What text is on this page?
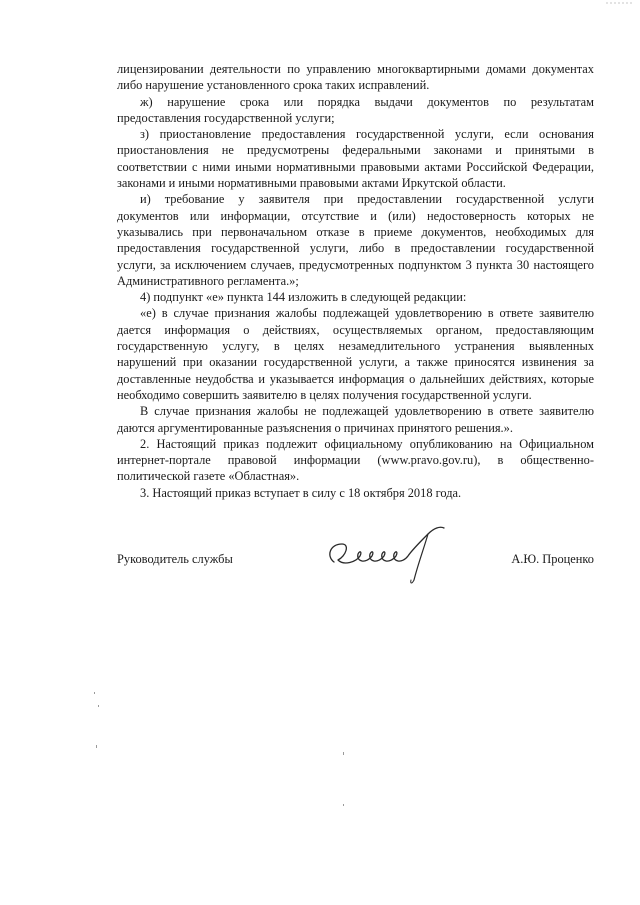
лицензировании деятельности по управлению многоквартирными домами документах
либо нарушение установленного срока таких исправлений.
ж) нарушение срока или порядка выдачи документов по результатам
предоставления государственной услуги;
з) приостановление предоставления государственной услуги, если основания
приостановления не предусмотрены федеральными законами и принятыми в
соответствии с ними иными нормативными правовыми актами Российской Федерации,
законами и иными нормативными правовыми актами Иркутской области.
и) требование у заявителя при предоставлении государственной услуги
документов или информации, отсутствие и (или) недостоверность которых не
указывались при первоначальном отказе в приеме документов, необходимых для
предоставления государственной услуги, либо в предоставлении государственной
услуги, за исключением случаев, предусмотренных подпунктом 3 пункта 30 настоящего
Административного регламента.»;
4) подпункт «е» пункта 144 изложить в следующей редакции:
«е) в случае признания жалобы подлежащей удовлетворению в ответе заявителю
дается информация о действиях, осуществляемых органом, предоставляющим
государственную услугу, в целях незамедлительного устранения выявленных
нарушений при оказании государственной услуги, а также приносятся извинения за
доставленные неудобства и указывается информация о дальнейших действиях, которые
необходимо совершить заявителю в целях получения государственной услуги.
В случае признания жалобы не подлежащей удовлетворению в ответе заявителю
даются аргументированные разъяснения о причинах принятого решения.».
2. Настоящий приказ подлежит официальному опубликованию на Официальном
интернет-портале правовой информации (www.pravo.gov.ru), в общественно-
политической газете «Областная».
3. Настоящий приказ вступает в силу с 18 октября 2018 года.
Руководитель службы	А.Ю. Проценко
